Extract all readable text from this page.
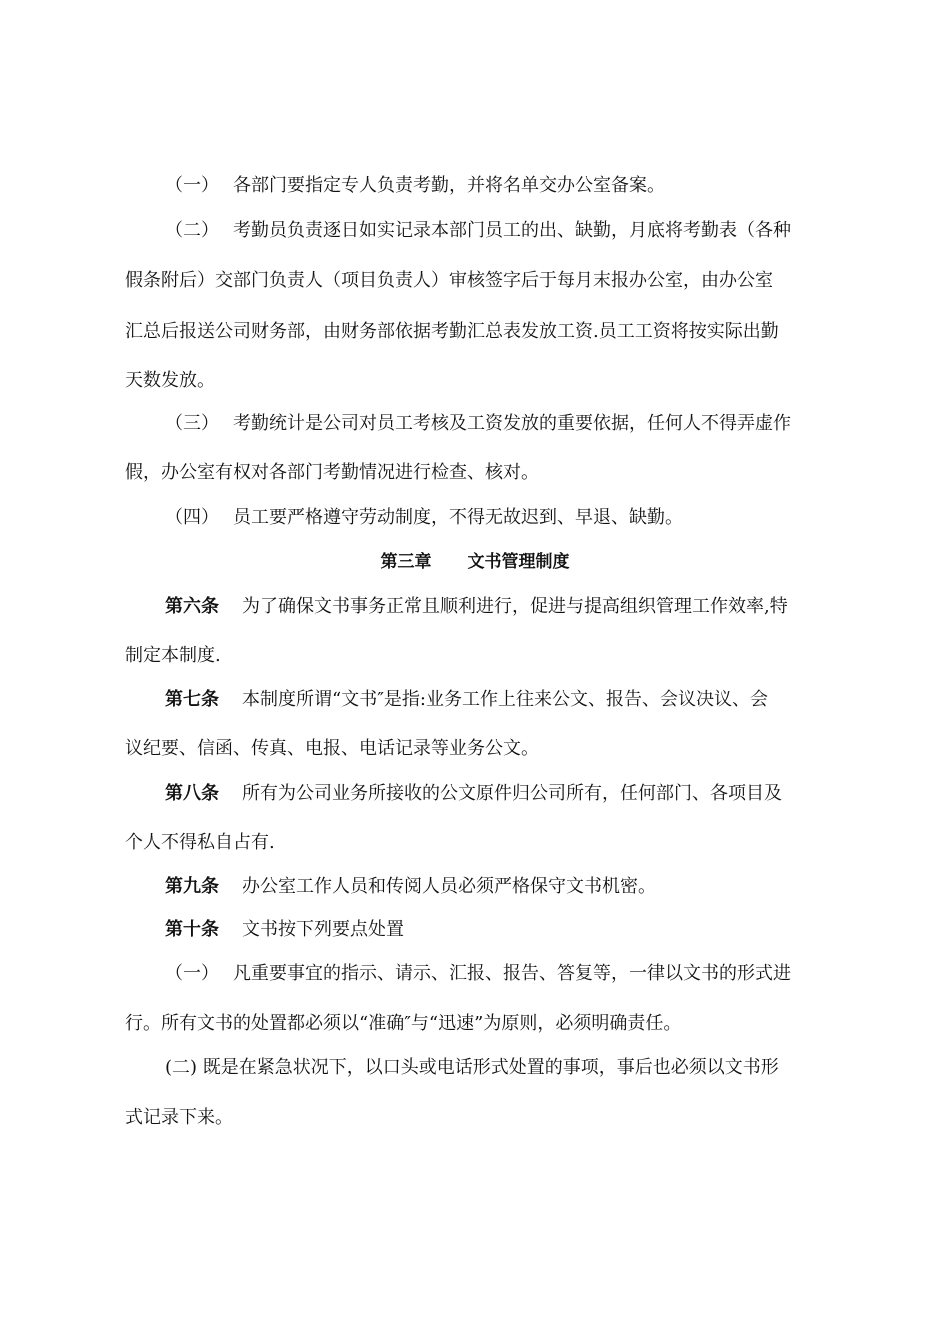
（一） 各部门要指定专人负责考勤，并将名单交办公室备案。
（二） 考勤员负责逐日如实记录本部门员工的出、缺勤，月底将考勤表（各种
假条附后）交部门负责人（项目负责人）审核签字后于每月末报办公室，由办公室
汇总后报送公司财务部，由财务部依据考勤汇总表发放工资.员工工资将按实际出勤
天数发放。
（三） 考勤统计是公司对员工考核及工资发放的重要依据，任何人不得弄虚作
假，办公室有权对各部门考勤情况进行检查、核对。
（四） 员工要严格遵守劳动制度，不得无故迟到、早退、缺勤。
第三章 文书管理制度
第六条 为了确保文书事务正常且顺利进行，促进与提高组织管理工作效率,特
制定本制度.
第七条 本制度所谓“文书″是指:业务工作上往来公文、报告、会议决议、会
议纪要、信函、传真、电报、电话记录等业务公文。
第八条 所有为公司业务所接收的公文原件归公司所有，任何部门、各项目及
个人不得私自占有.
第九条 办公室工作人员和传阅人员必须严格保守文书机密。
第十条 文书按下列要点处置
（一） 凡重要事宜的指示、请示、汇报、报告、答复等，一律以文书的形式进
行。所有文书的处置都必须以“准确″与“迅速”为原则，必须明确责任。
(二) 既是在紧急状况下，以口头或电话形式处置的事项，事后也必须以文书形
式记录下来。
